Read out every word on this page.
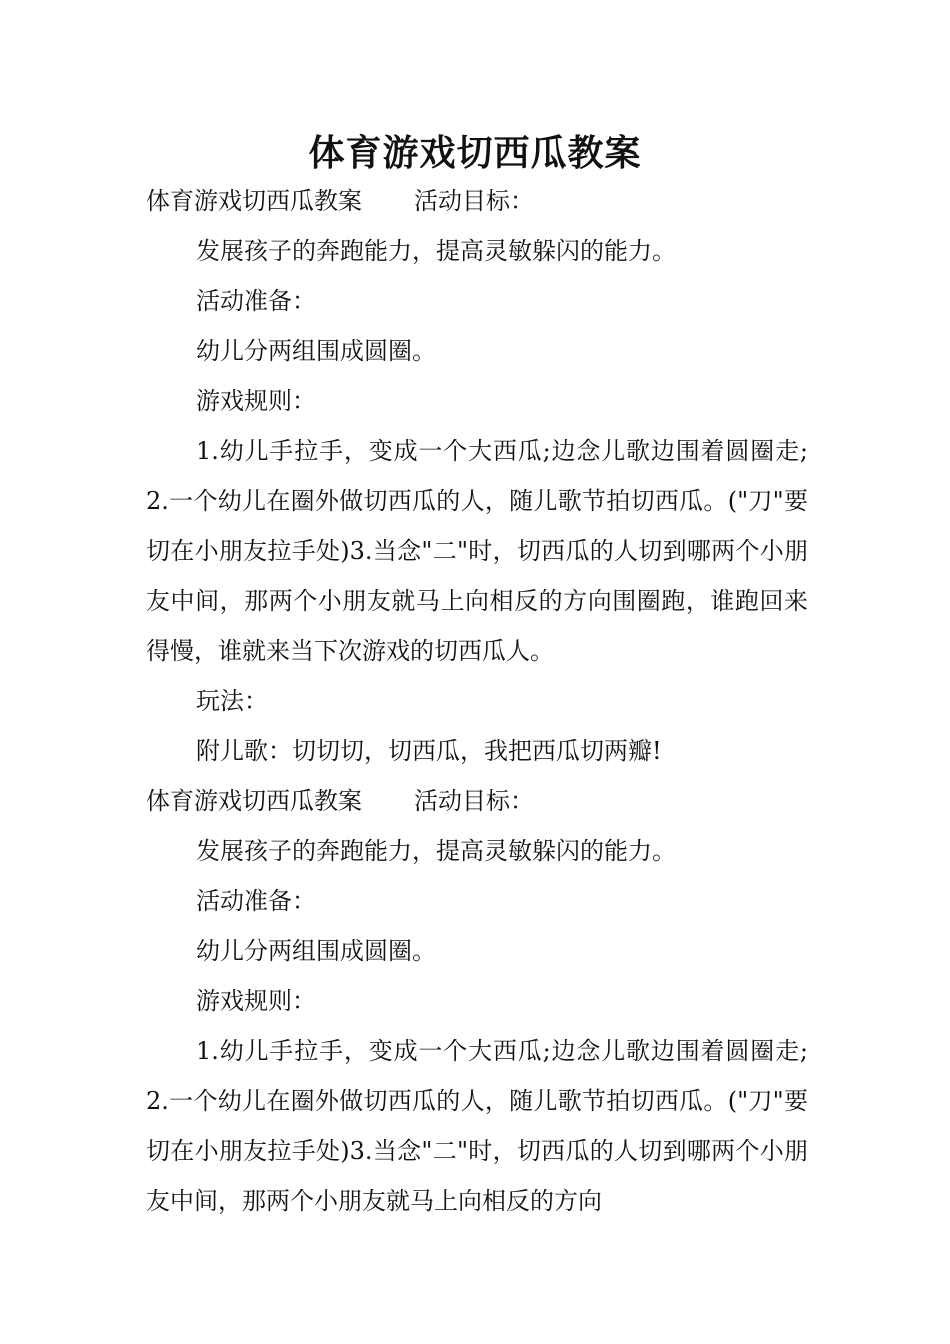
体育游戏切西瓜教案
体育游戏切西瓜教案 活动目标：
发展孩子的奔跑能力，提高灵敏躲闪的能力。
活动准备：
幼儿分两组围成圆圈。
游戏规则：

1.幼儿手拉手，变成一个大西瓜;边念儿歌边围着圆圈走;2.一个幼儿在圈外做切西瓜的人，随儿歌节拍切西瓜。("刀"要切在小朋友拉手处)3.当念"二"时，切西瓜的人切到哪两个小朋友中间，那两个小朋友就马上向相反的方向围圈跑，谁跑回来得慢，谁就来当下次游戏的切西瓜人。

玩法：
附儿歌：切切切，切西瓜，我把西瓜切两瓣!
体育游戏切西瓜教案 活动目标：
发展孩子的奔跑能力，提高灵敏躲闪的能力。
活动准备：
幼儿分两组围成圆圈。
游戏规则：

1.幼儿手拉手，变成一个大西瓜;边念儿歌边围着圆圈走;2.一个幼儿在圈外做切西瓜的人，随儿歌节拍切西瓜。("刀"要切在小朋友拉手处)3.当念"二"时，切西瓜的人切到哪两个小朋友中间，那两个小朋友就马上向相反的方向
